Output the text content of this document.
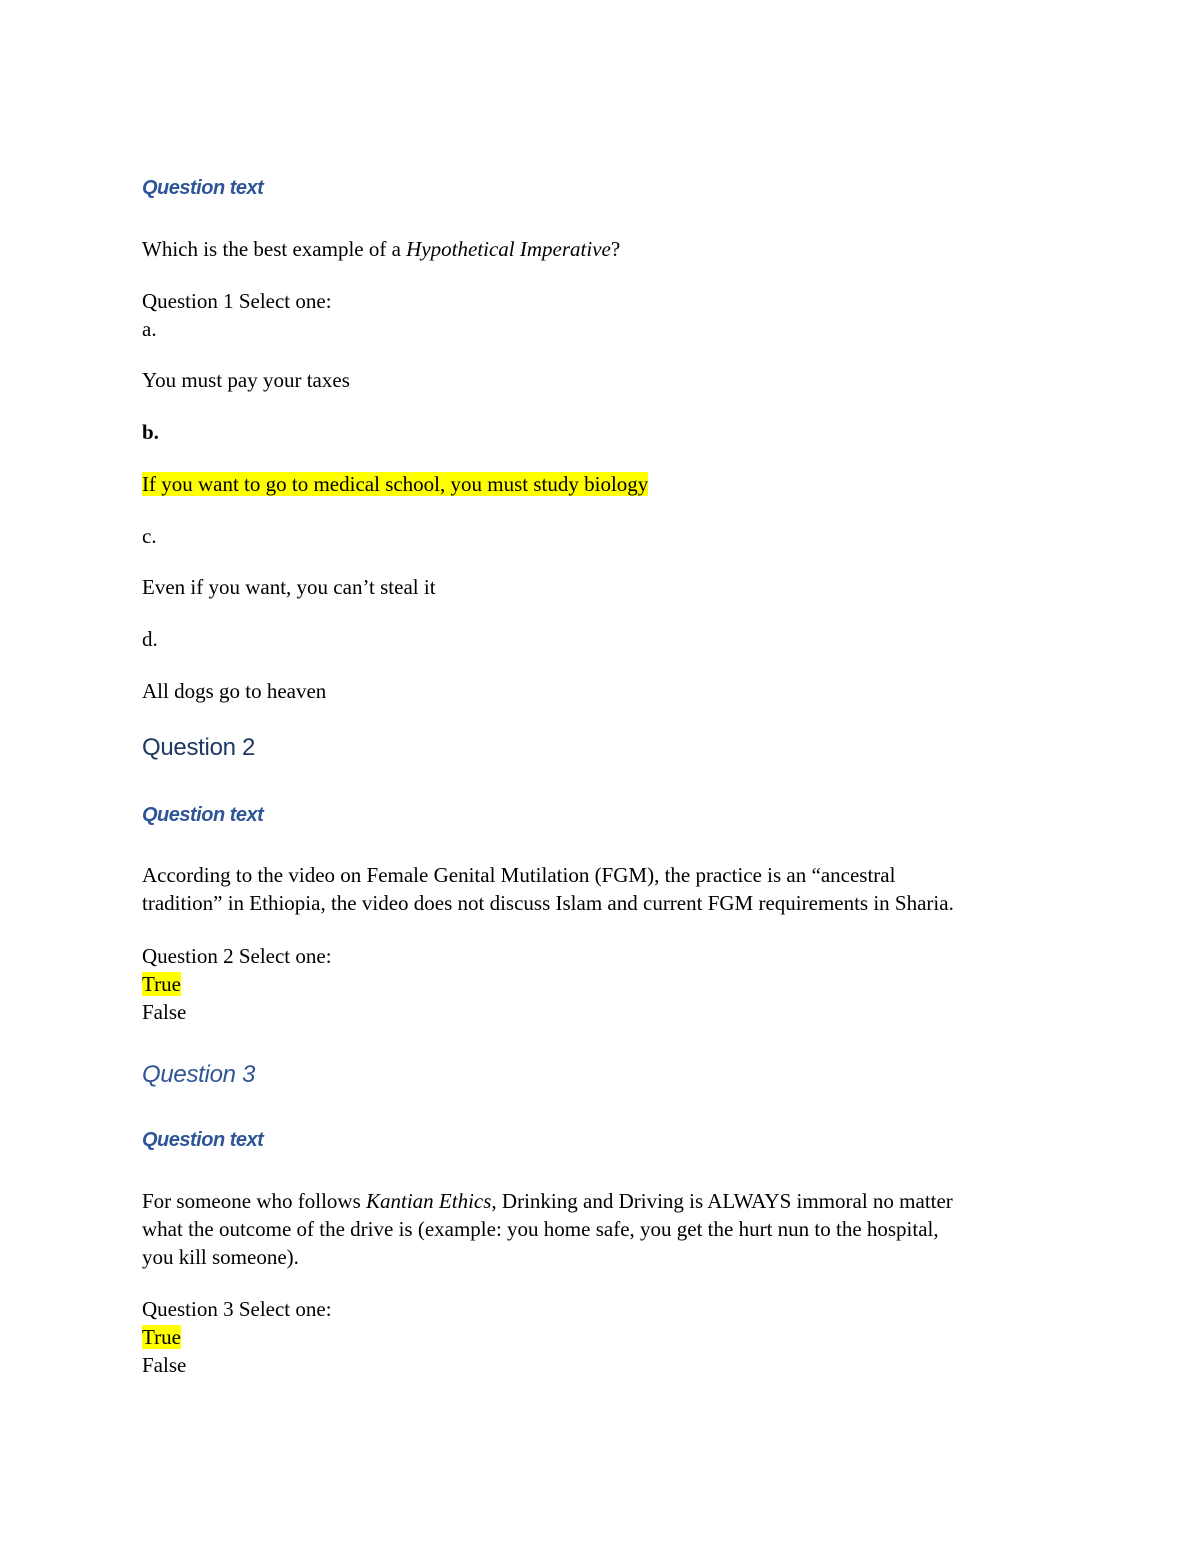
Question text
Which is the best example of a Hypothetical Imperative?
Question 1 Select one:
a.
You must pay your taxes
b.
If you want to go to medical school, you must study biology
c.
Even if you want, you can’t steal it
d.
All dogs go to heaven
Question 2
Question text
According to the video on Female Genital Mutilation (FGM), the practice is an “ancestral
tradition” in Ethiopia, the video does not discuss Islam and current FGM requirements in Sharia.
Question 2 Select one:
True
False
Question 3
Question text
For someone who follows Kantian Ethics, Drinking and Driving is ALWAYS immoral no matter
what the outcome of the drive is (example: you home safe, you get the hurt nun to the hospital,
you kill someone).
Question 3 Select one:
True
False
